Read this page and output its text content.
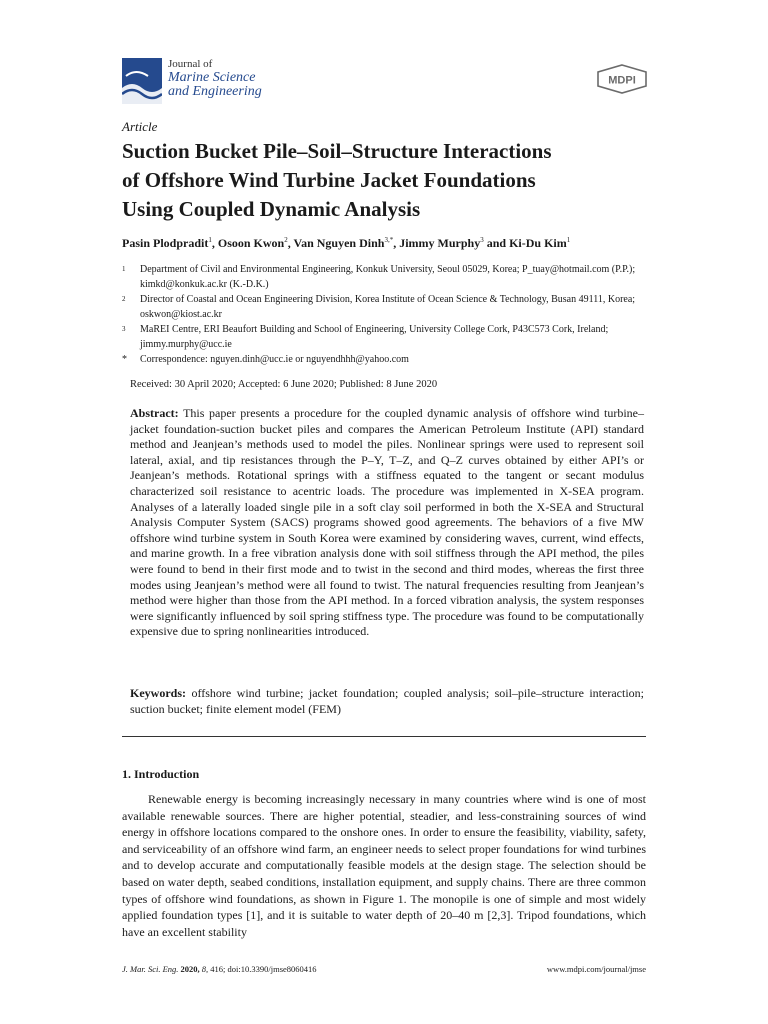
Journal of
Marine Science
and Engineering
MDPI
Article
Suction Bucket Pile–Soil–Structure Interactions
of Offshore Wind Turbine Jacket Foundations
Using Coupled Dynamic Analysis
Pasin Plodpradit$^1$, Osoon Kwon$^2$, Van Nguyen Dinh$^{3,*}$, Jimmy Murphy$^3$ and Ki-Du Kim$^1$
1	Department of Civil and Environmental Engineering, Konkuk University, Seoul 05029, Korea; P_tuay@hotmail.com (P.P.); kimkd@konkuk.ac.kr (K.-D.K.)
2	Director of Coastal and Ocean Engineering Division, Korea Institute of Ocean Science & Technology, Busan 49111, Korea; oskwon@kiost.ac.kr
3	MaREI Centre, ERI Beaufort Building and School of Engineering, University College Cork, P43C573 Cork, Ireland; jimmy.murphy@ucc.ie
*	Correspondence: nguyen.dinh@ucc.ie or nguyendhhh@yahoo.com
Received: 30 April 2020; Accepted: 6 June 2020; Published: 8 June 2020

Abstract: This paper presents a procedure for the coupled dynamic analysis of offshore wind turbine–jacket foundation-suction bucket piles and compares the American Petroleum Institute (API) standard method and Jeanjean’s methods used to model the piles. Nonlinear springs were used to represent soil lateral, axial, and tip resistances through the P–Y, T–Z, and Q–Z curves obtained by either API’s or Jeanjean’s methods. Rotational springs with a stiffness equated to the tangent or secant modulus characterized soil resistance to acentric loads. The procedure was implemented in X-SEA program. Analyses of a laterally loaded single pile in a soft clay soil performed in both the X-SEA and Structural Analysis Computer System (SACS) programs showed good agreements. The behaviors of a five MW offshore wind turbine system in South Korea were examined by considering waves, current, wind effects, and marine growth. In a free vibration analysis done with soil stiffness through the API method, the piles were found to bend in their first mode and to twist in the second and third modes, whereas the first three modes using Jeanjean’s method were all found to twist. The natural frequencies resulting from Jeanjean’s method were higher than those from the API method. In a forced vibration analysis, the system responses were significantly influenced by soil spring stiffness type. The procedure was found to be computationally expensive due to spring nonlinearities introduced.

Keywords: offshore wind turbine; jacket foundation; coupled analysis; soil–pile–structure interaction; suction bucket; finite element model (FEM)

1. Introduction

Renewable energy is becoming increasingly necessary in many countries where wind is one of most available renewable sources. There are higher potential, steadier, and less-constraining sources of wind energy in offshore locations compared to the onshore ones. In order to ensure the feasibility, viability, safety, and serviceability of an offshore wind farm, an engineer needs to select proper foundations for wind turbines and to develop accurate and computationally feasible models at the design stage. The selection should be based on water depth, seabed conditions, installation equipment, and supply chains. There are three common types of offshore wind foundations, as shown in Figure 1. The monopile is one of simple and most widely applied foundation types [1], and it is suitable to water depth of 20–40 m [2,3]. Tripod foundations, which have an excellent stability

J. Mar. Sci. Eng. 2020, 8, 416; doi:10.3390/jmse8060416	www.mdpi.com/journal/jmse
